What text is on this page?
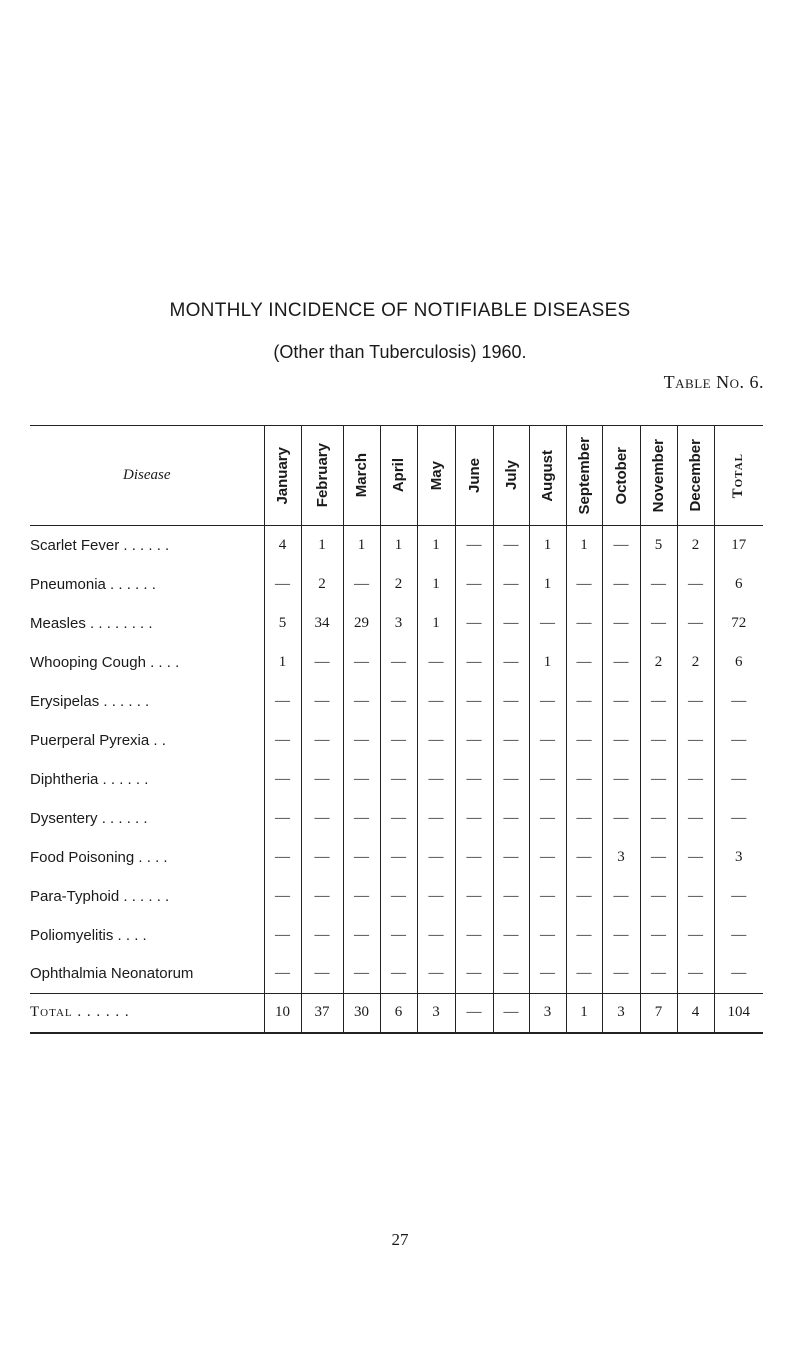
MONTHLY INCIDENCE OF NOTIFIABLE DISEASES
(Other than Tuberculosis) 1960.
Table No. 6.
Disease	January	February	March	April	May	June	July	August	September	October	November	December	Total

Scarlet Fever . . . . . .	4	1	1	1	1	—	—	1	1	—	5	2	17
Pneumonia . . . . . .	—	2	—	2	1	—	—	1	—	—	—	—	6
Measles . . . . . . . .	5	34	29	3	1	—	—	—	—	—	—	—	72
Whooping Cough . . . .	1	—	—	—	—	—	—	1	—	—	2	2	6
Erysipelas . . . . . .	—	—	—	—	—	—	—	—	—	—	—	—	—
Puerperal Pyrexia . .	—	—	—	—	—	—	—	—	—	—	—	—	—
Diphtheria . . . . . .	—	—	—	—	—	—	—	—	—	—	—	—	—
Dysentery . . . . . .	—	—	—	—	—	—	—	—	—	—	—	—	—
Food Poisoning . . . .	—	—	—	—	—	—	—	—	—	3	—	—	3
Para-Typhoid . . . . . .	—	—	—	—	—	—	—	—	—	—	—	—	—
Poliomyelitis . . . .	—	—	—	—	—	—	—	—	—	—	—	—	—
Ophthalmia Neonatorum	—	—	—	—	—	—	—	—	—	—	—	—	—
Total . . . . . .	10	37	30	6	3	—	—	3	1	3	7	4	104
27
